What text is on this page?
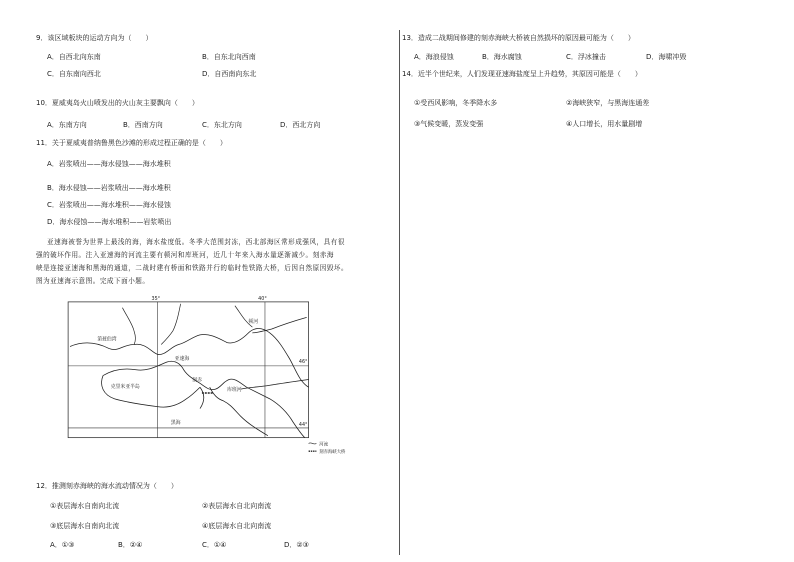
9．该区域板块的运动方向为（　　）
A．自西北向东南	B．自东北向西南
C．自东南向西北	D．自西南向东北
10．夏威夷岛火山喷发出的火山灰主要飘向（　　）
A．东南方向	B．西南方向	C．东北方向	D．西北方向
11．关于夏威夷普纳鲁黑色沙滩的形成过程正确的是（　　）
A．岩浆喷出——海水侵蚀——海水堆积
B．海水侵蚀——岩浆喷出——海水堆积
C．岩浆喷出——海水堆积——海水侵蚀
D．海水侵蚀——海水堆积——岩浆喷出
亚速海被誉为世界上最浅的海，海水盐度低。冬季大范围封冻，西北部海区常形成强风，具有很
强的破坏作用。注入亚速海的河流主要有顿河和库班河，近几十年来入海水量逐渐减少。刻赤海
峡是连接亚速海和黑海的通道，二战时建有桥面和铁路并行的临时性铁路大桥，后因自然原因毁坏。
图为亚速海示意图。完成下面小题。
35°	40°
46°
44°
第聂伯湾
亚速海
顿河
库班河
克里米亚半岛
刻赤
黑海
河流
刻赤海峡大桥
12．推测刻赤海峡的海水流动情况为（　　）
①表层海水自南向北流	②表层海水自北向南流
③底层海水自南向北流	④底层海水自北向南流
A．①③	B．②④	C．①④	D．②③
13．造成二战期间修建的刻赤海峡大桥被自然损坏的原因最可能为（　　）
A．海浪侵蚀	B．海水腐蚀	C．浮冰撞击	D．海啸冲毁
14．近半个世纪来，人们发现亚速海盐度呈上升趋势，其原因可能是（　　）
①受西风影响，冬季降水多	②海峡狭窄，与黑海连通差
③气候变暖，蒸发变强	④人口增长，用水量剧增
